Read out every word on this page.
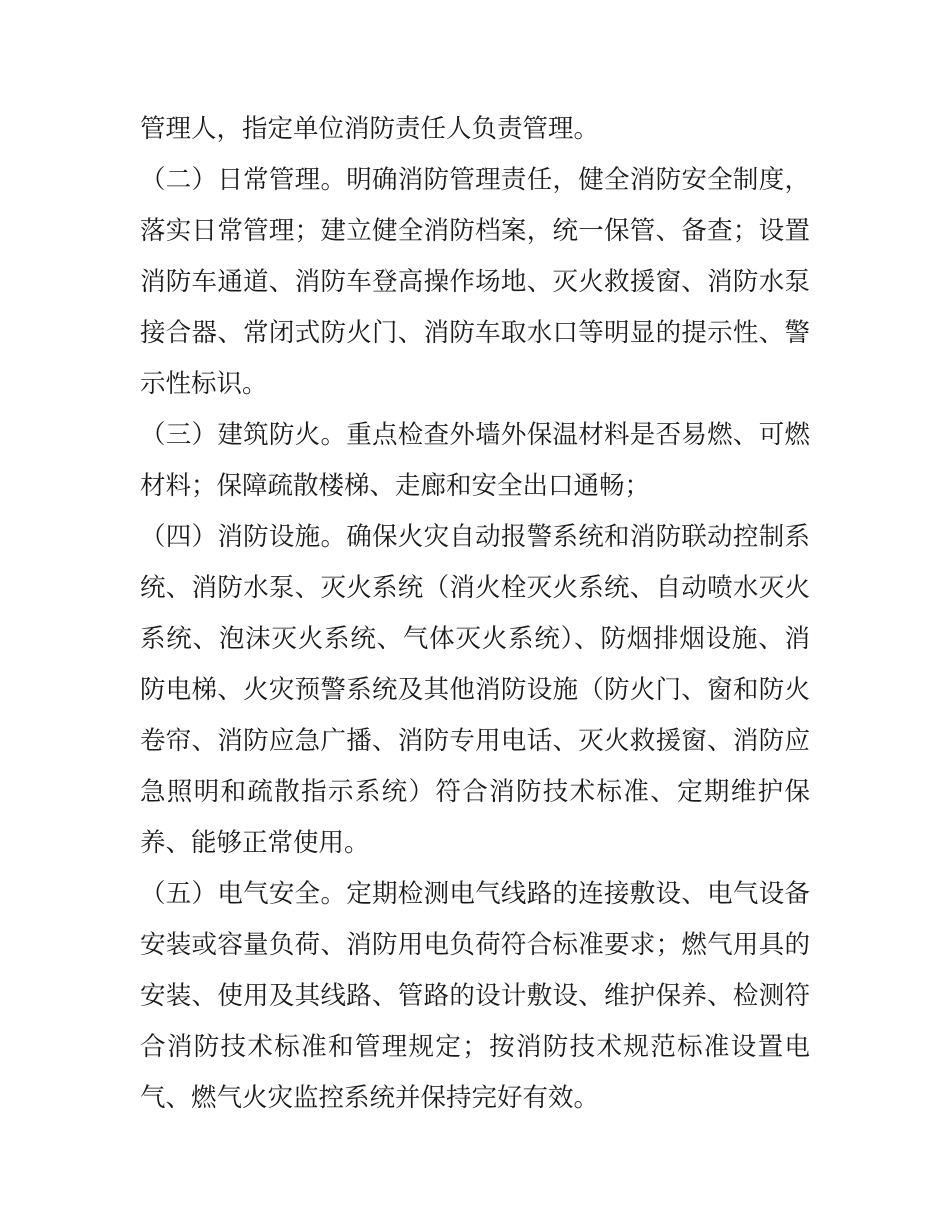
管理人，指定单位消防责任人负责管理。

（二）日常管理。明确消防管理责任，健全消防安全制度，落实日常管理；建立健全消防档案，统一保管、备查；设置消防车通道、消防车登高操作场地、灭火救援窗、消防水泵接合器、常闭式防火门、消防车取水口等明显的提示性、警示性标识。

（三）建筑防火。重点检查外墙外保温材料是否易燃、可燃材料；保障疏散楼梯、走廊和安全出口通畅；

（四）消防设施。确保火灾自动报警系统和消防联动控制系统、消防水泵、灭火系统（消火栓灭火系统、自动喷水灭火系统、泡沫灭火系统、气体灭火系统）、防烟排烟设施、消防电梯、火灾预警系统及其他消防设施（防火门、窗和防火卷帘、消防应急广播、消防专用电话、灭火救援窗、消防应急照明和疏散指示系统）符合消防技术标准、定期维护保养、能够正常使用。

（五）电气安全。定期检测电气线路的连接敷设、电气设备安装或容量负荷、消防用电负荷符合标准要求；燃气用具的安装、使用及其线路、管路的设计敷设、维护保养、检测符合消防技术标准和管理规定；按消防技术规范标准设置电气、燃气火灾监控系统并保持完好有效。
